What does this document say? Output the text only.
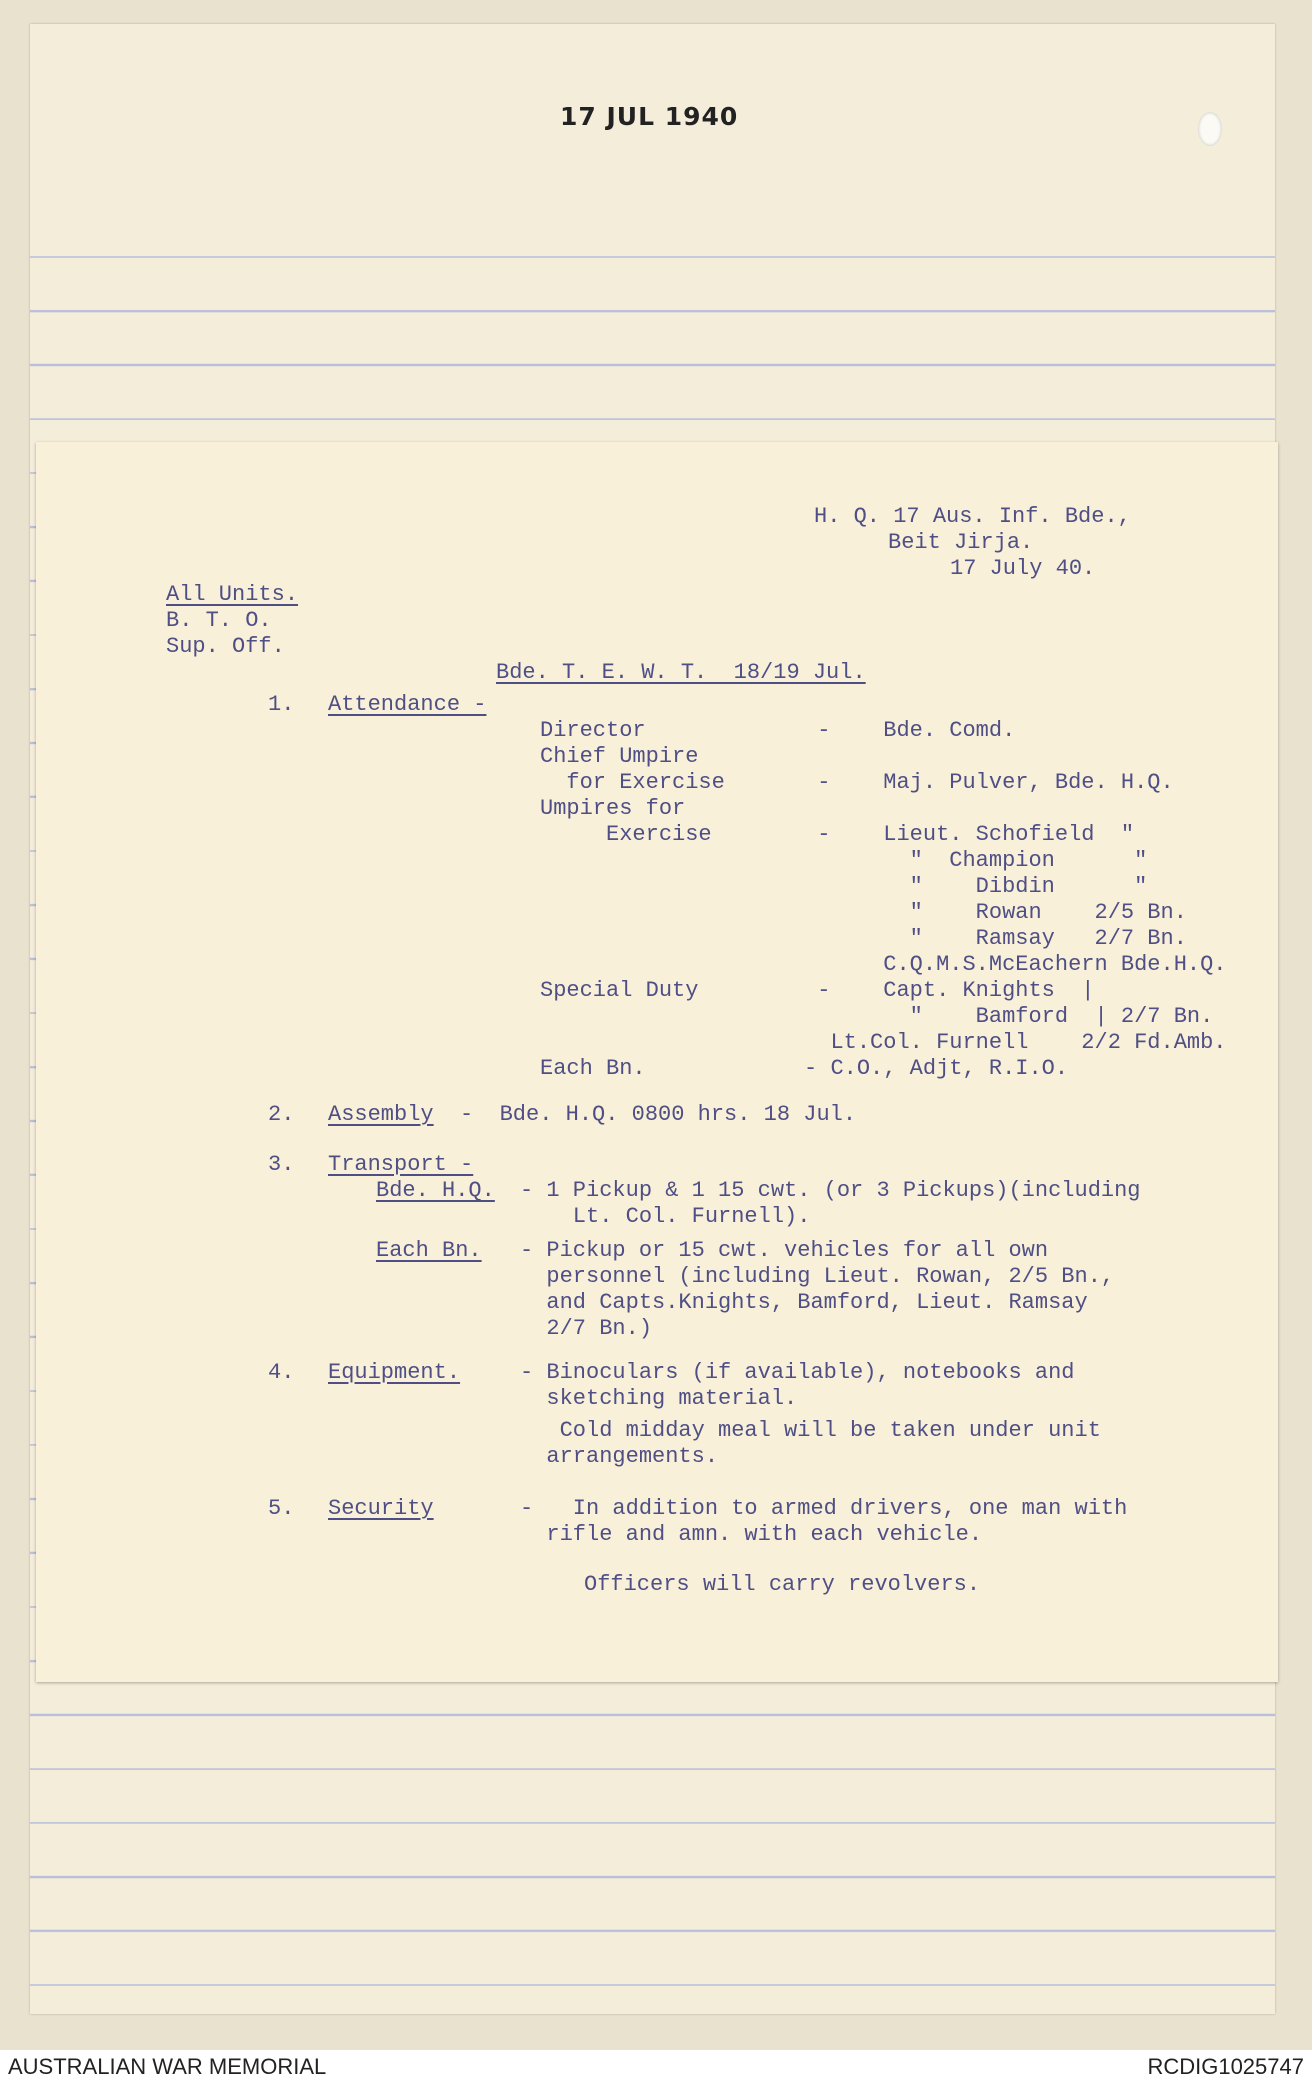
17 JUL 1940
H. Q. 17 Aus. Inf. Bde.,
Beit Jirja.
17 July 40.
All Units.
B. T. O.
Sup. Off.
Bde. T. E. W. T.  18/19 Jul.
1. Attendance -
Director             -    Bde. Comd.
Chief Umpire
for Exercise       -    Maj. Pulver, Bde. H.Q.
Umpires for
Exercise        -    Lieut. Schofield  "
"  Champion      "
"    Dibdin      "
"    Rowan    2/5 Bn.
"    Ramsay   2/7 Bn.
C.Q.M.S.McEachern Bde.H.Q.
Special Duty         -    Capt. Knights  |
"    Bamford  | 2/7 Bn.
Lt.Col. Furnell    2/2 Fd.Amb.
Each Bn.            - C.O., Adjt, R.I.O.
2. Assembly -  Bde. H.Q. 0800 hrs. 18 Jul.
3. Transport -
Bde. H.Q. - 1 Pickup & 1 15 cwt. (or 3 Pickups)(including
Lt. Col. Furnell).
Each Bn. - Pickup or 15 cwt. vehicles for all own
personnel (including Lieut. Rowan, 2/5 Bn.,
and Capts.Knights, Bamford, Lieut. Ramsay
2/7 Bn.)
4. Equipment.	- Binoculars (if available), notebooks and
sketching material.
Cold midday meal will be taken under unit
arrangements.
5. Security	-   In addition to armed drivers, one man with
rifle and amn. with each vehicle.
Officers will carry revolvers.
AUSTRALIAN WAR MEMORIAL	RCDIG1025747
